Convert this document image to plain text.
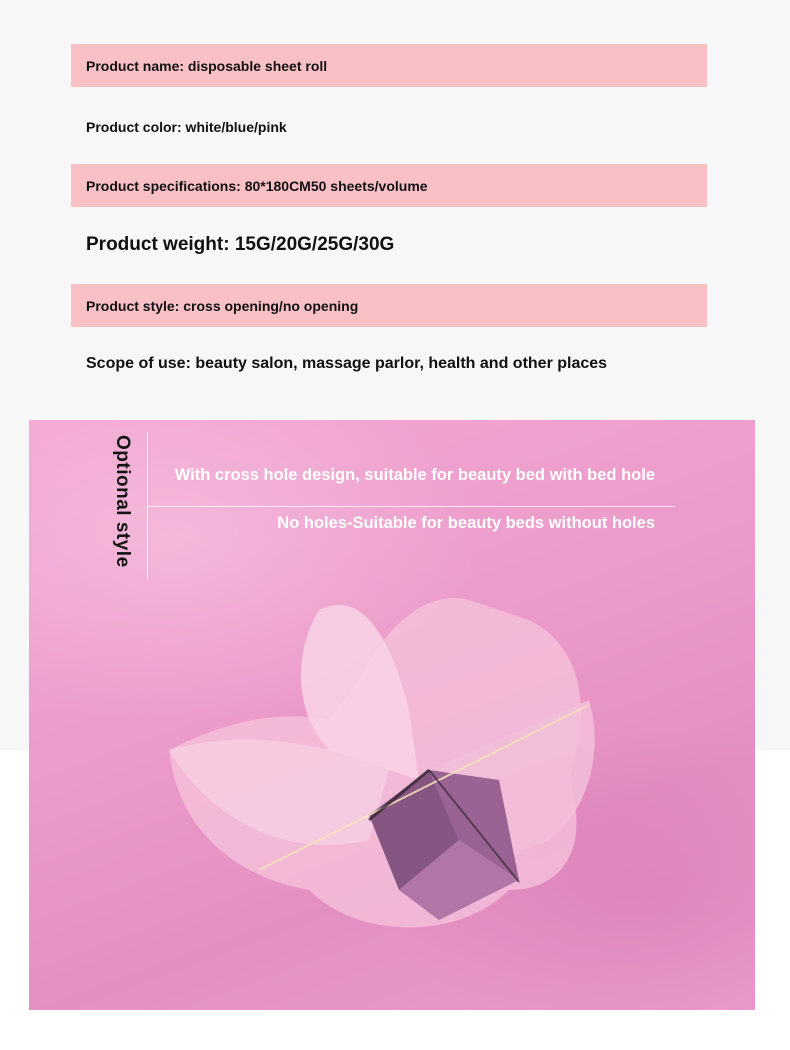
Product name: disposable sheet roll
Product color: white/blue/pink
Product specifications: 80*180CM50 sheets/volume
Product weight: 15G/20G/25G/30G
Product style: cross opening/no opening
Scope of use: beauty salon, massage parlor, health and other places
Optional style	With cross hole design, suitable for beauty bed with bed hole
No holes-Suitable for beauty beds without holes
